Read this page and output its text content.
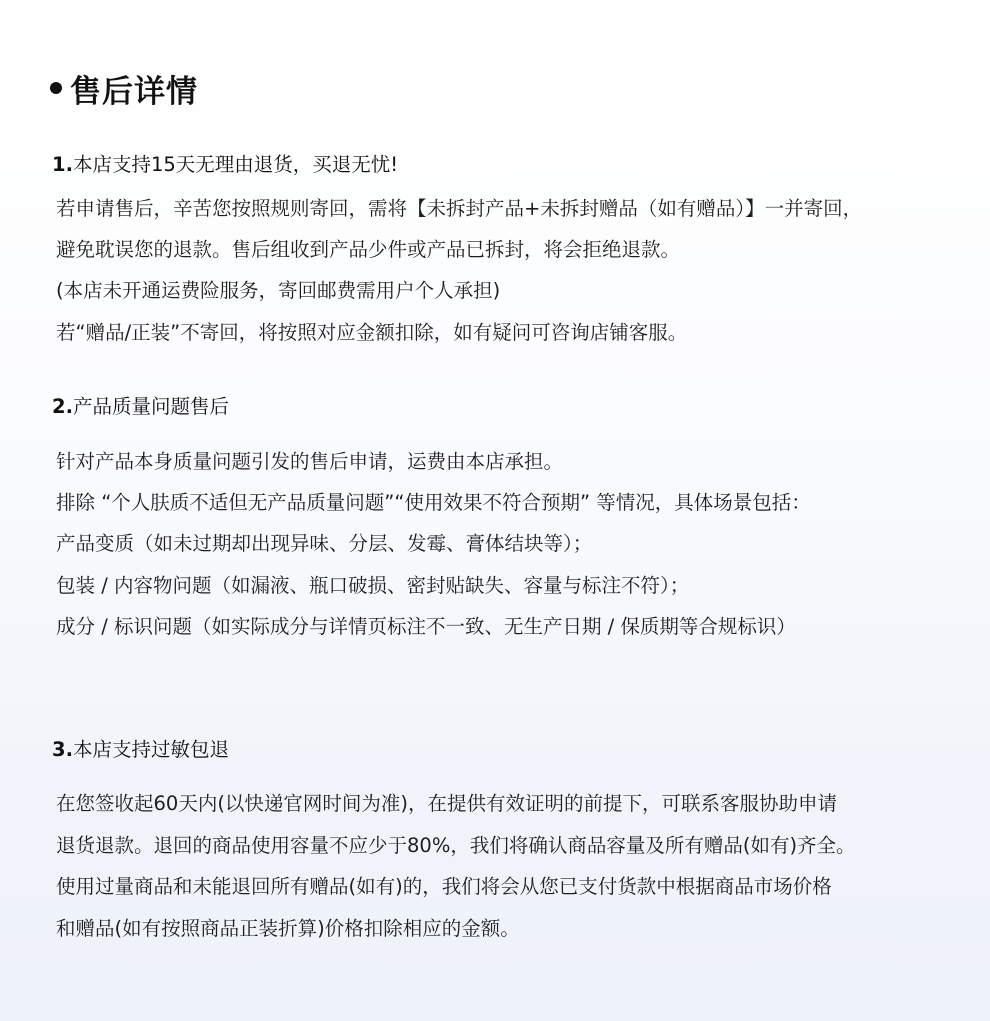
售后详情
1.本店支持15天无理由退货，买退无忧!
若申请售后，辛苦您按照规则寄回，需将【未拆封产品+未拆封赠品（如有赠品）】一并寄回，
避免耽误您的退款。售后组收到产品少件或产品已拆封，将会拒绝退款。
(本店未开通运费险服务，寄回邮费需用户个人承担)
若“赠品/正装”不寄回，将按照对应金额扣除，如有疑问可咨询店铺客服。
2.产品质量问题售后
针对产品本身质量问题引发的售后申请，运费由本店承担。
排除 “个人肤质不适但无产品质量问题”“使用效果不符合预期” 等情况，具体场景包括：
产品变质（如未过期却出现异味、分层、发霉、膏体结块等）；
包装 / 内容物问题（如漏液、瓶口破损、密封贴缺失、容量与标注不符）；
成分 / 标识问题（如实际成分与详情页标注不一致、无生产日期 / 保质期等合规标识）
3.本店支持过敏包退
在您签收起60天内(以快递官网时间为准)，在提供有效证明的前提下，可联系客服协助申请
退货退款。退回的商品使用容量不应少于80%，我们将确认商品容量及所有赠品(如有)齐全。
使用过量商品和未能退回所有赠品(如有)的，我们将会从您已支付货款中根据商品市场价格
和赠品(如有按照商品正装折算)价格扣除相应的金额。
